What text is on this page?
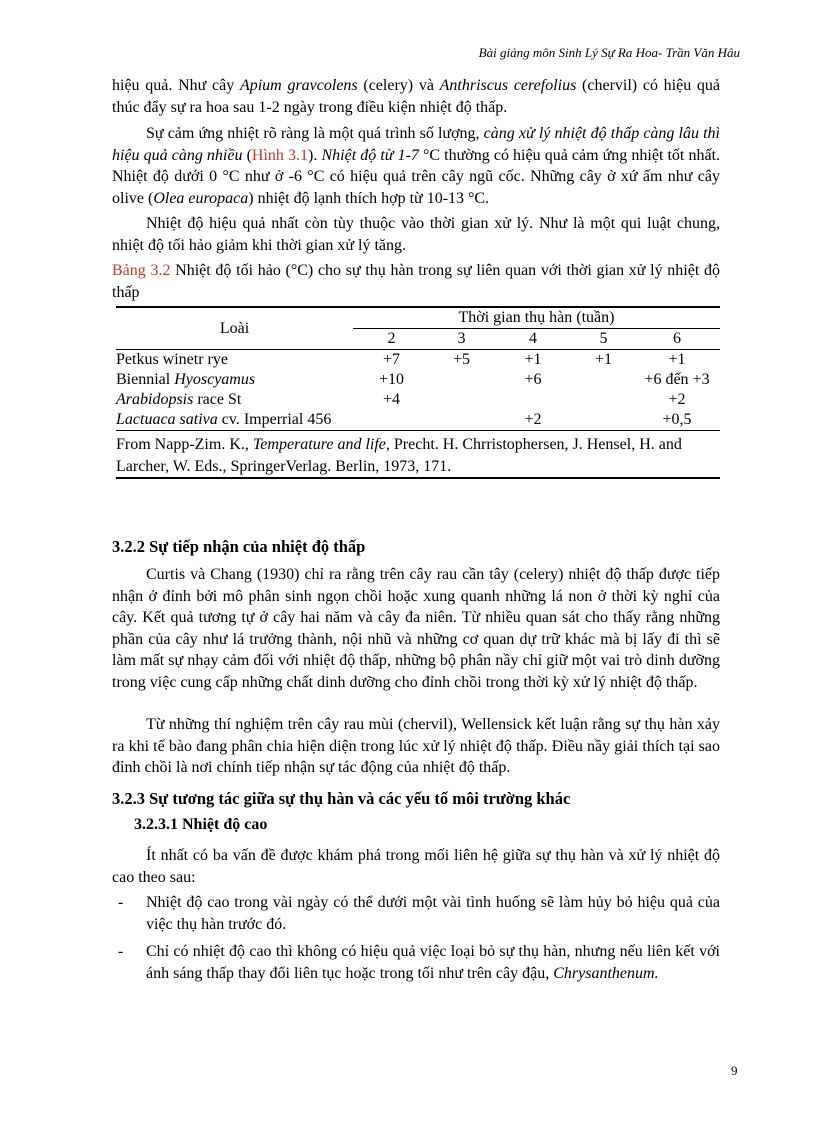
Bài giảng môn Sinh Lý Sự Ra Hoa- Trần Văn Hâu
hiệu quả. Như cây Apium gravcolens (celery) và Anthriscus cerefolius (chervil) có hiệu quả thúc đẩy sự ra hoa sau 1-2 ngày trong điều kiện nhiệt độ thấp.
Sự cảm ứng nhiệt rõ ràng là một quá trình số lượng, càng xử lý nhiệt độ thấp càng lâu thì hiệu quả càng nhiều (Hình 3.1). Nhiệt độ từ 1-7 °C thường có hiệu quả cảm ứng nhiệt tốt nhất. Nhiệt độ dưới 0 °C như ở -6 °C có hiệu quả trên cây ngũ cốc. Những cây ở xứ ấm như cây olive (Olea europaca) nhiệt độ lạnh thích hợp từ 10-13 °C.
Nhiệt độ hiệu quả nhất còn tùy thuộc vào thời gian xử lý. Như là một qui luật chung, nhiệt độ tối hảo giảm khi thời gian xử lý tăng.
Bảng 3.2 Nhiệt độ tối hảo (°C) cho sự thụ hàn trong sự liên quan với thời gian xử lý nhiệt độ thấp
Loài	Thời gian thụ hàn (tuần)				
	2	3	4	5	6
Petkus winetr rye	+7	+5	+1	+1	+1
Biennial Hyoscyamus	+10		+6		+6 đến +3
Arabidopsis race St	+4				+2
Lactuaca sativa cv. Imperrial 456			+2		+0,5
From Napp-Zim. K., Temperature and life, Precht. H. Chrristophersen, J. Hensel, H. and Larcher, W. Eds., SpringerVerlag. Berlin, 1973, 171.					
3.2.2 Sự tiếp nhận của nhiệt độ thấp
Curtis và Chang (1930) chỉ ra rằng trên cây rau cần tây (celery) nhiệt độ thấp được tiếp nhận ở đỉnh bởi mô phân sinh ngọn chồi hoặc xung quanh những lá non ở thời kỳ nghỉ của cây. Kết quả tương tự ở cây hai năm và cây đa niên. Từ nhiều quan sát cho thấy rằng những phần của cây như lá trưởng thành, nội nhũ và những cơ quan dự trữ khác mà bị lấy đi thì sẽ làm mất sự nhạy cảm đối với nhiệt độ thấp, những bộ phân nầy chỉ giữ một vai trò dinh dưỡng trong việc cung cấp những chất dinh dưỡng cho đỉnh chồi trong thời kỳ xử lý nhiệt độ thấp.
Từ những thí nghiệm trên cây rau mùi (chervil), Wellensick kết luận rằng sự thụ hàn xảy ra khi tế bào đang phân chia hiện diện trong lúc xử lý nhiệt độ thấp. Điều nầy giải thích tại sao đỉnh chồi là nơi chính tiếp nhận sự tác động của nhiệt độ thấp.
3.2.3 Sự tương tác giữa sự thụ hàn và các yếu tố môi trường khác
3.2.3.1 Nhiệt độ cao
Ít nhất có ba vấn đề được khám phá trong mối liên hệ giữa sự thụ hàn và xử lý nhiệt độ cao theo sau:
- Nhiệt độ cao trong vài ngày có thể dưới một vài tình huống sẽ làm hủy bỏ hiệu quả của việc thụ hàn trước đó.
- Chỉ có nhiệt độ cao thì không có hiệu quả việc loại bỏ sự thụ hàn, nhưng nếu liên kết với ánh sáng thấp thay đổi liên tục hoặc trong tối như trên cây đậu, Chrysanthenum.
9
